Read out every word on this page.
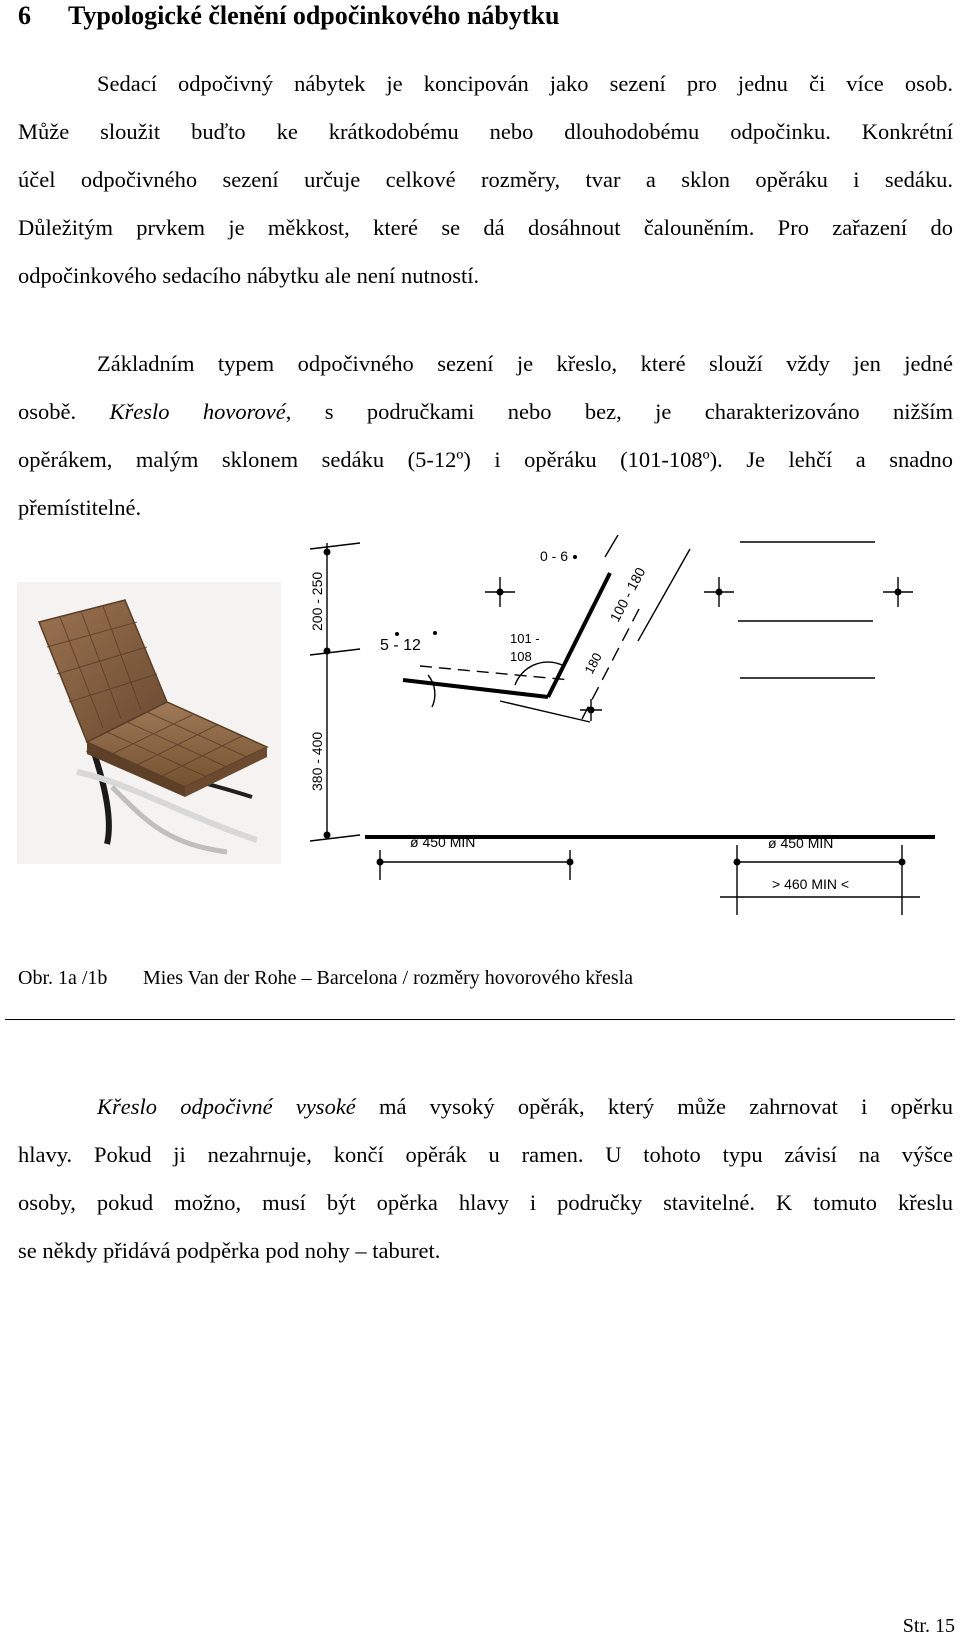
6 Typologické členění odpočinkového nábytku
Sedací odpočivný nábytek je koncipován jako sezení pro jednu či více osob.
Může sloužit buďto ke krátkodobému nebo dlouhodobému odpočinku. Konkrétní
účel odpočivného sezení určuje celkové rozměry, tvar a sklon opěráku i sedáku.
Důležitým prvkem je měkkost, které se dá dosáhnout čalouněním. Pro zařazení do
odpočinkového sedacího nábytku ale není nutností.
Základním typem odpočivného sezení je křeslo, které slouží vždy jen jedné
osobě. Křeslo hovorové, s područkami nebo bez, je charakterizováno nižším
opěrákem, malým sklonem sedáku (5-12º) i opěráku (101-108º). Je lehčí a snadno
přemístitelné.
200 - 250
380 - 400
0 - 6
100 - 180
5 - 12	101 -
108	180
ø 450 MIN	ø 450 MIN
> 460 MIN <
Obr. 1a /1b Mies Van der Rohe – Barcelona / rozměry hovorového křesla
Křeslo odpočivné vysoké má vysoký opěrák, který může zahrnovat i opěrku
hlavy. Pokud ji nezahrnuje, končí opěrák u ramen. U tohoto typu závisí na výšce
osoby, pokud možno, musí být opěrka hlavy i područky stavitelné. K tomuto křeslu
se někdy přidává podpěrka pod nohy – taburet.
Str. 15
